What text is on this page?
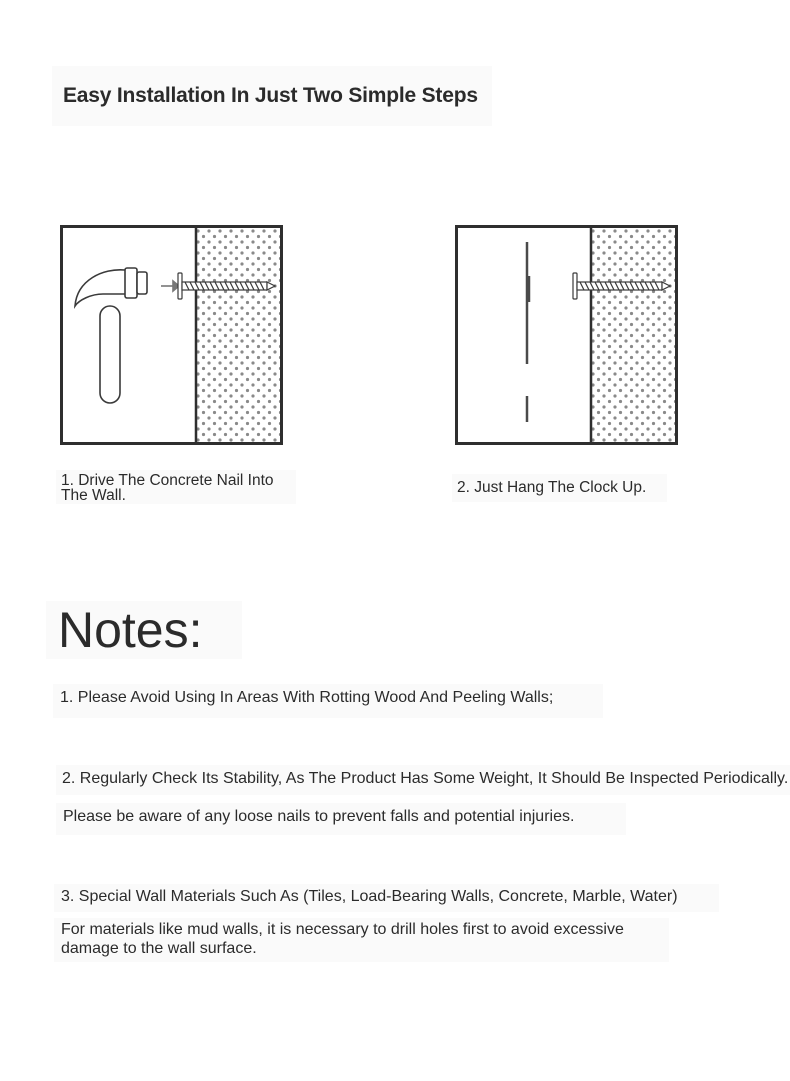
Easy Installation In Just Two Simple Steps
1. Drive The Concrete Nail Into The Wall.	2. Just Hang The Clock Up.
Notes:
1. Please Avoid Using In Areas With Rotting Wood And Peeling Walls;
2. Regularly Check Its Stability, As The Product Has Some Weight, It Should Be Inspected Periodically.
Please be aware of any loose nails to prevent falls and potential injuries.
3. Special Wall Materials Such As (Tiles, Load-Bearing Walls, Concrete, Marble, Water)
For materials like mud walls, it is necessary to drill holes first to avoid excessive damage to the wall surface.
